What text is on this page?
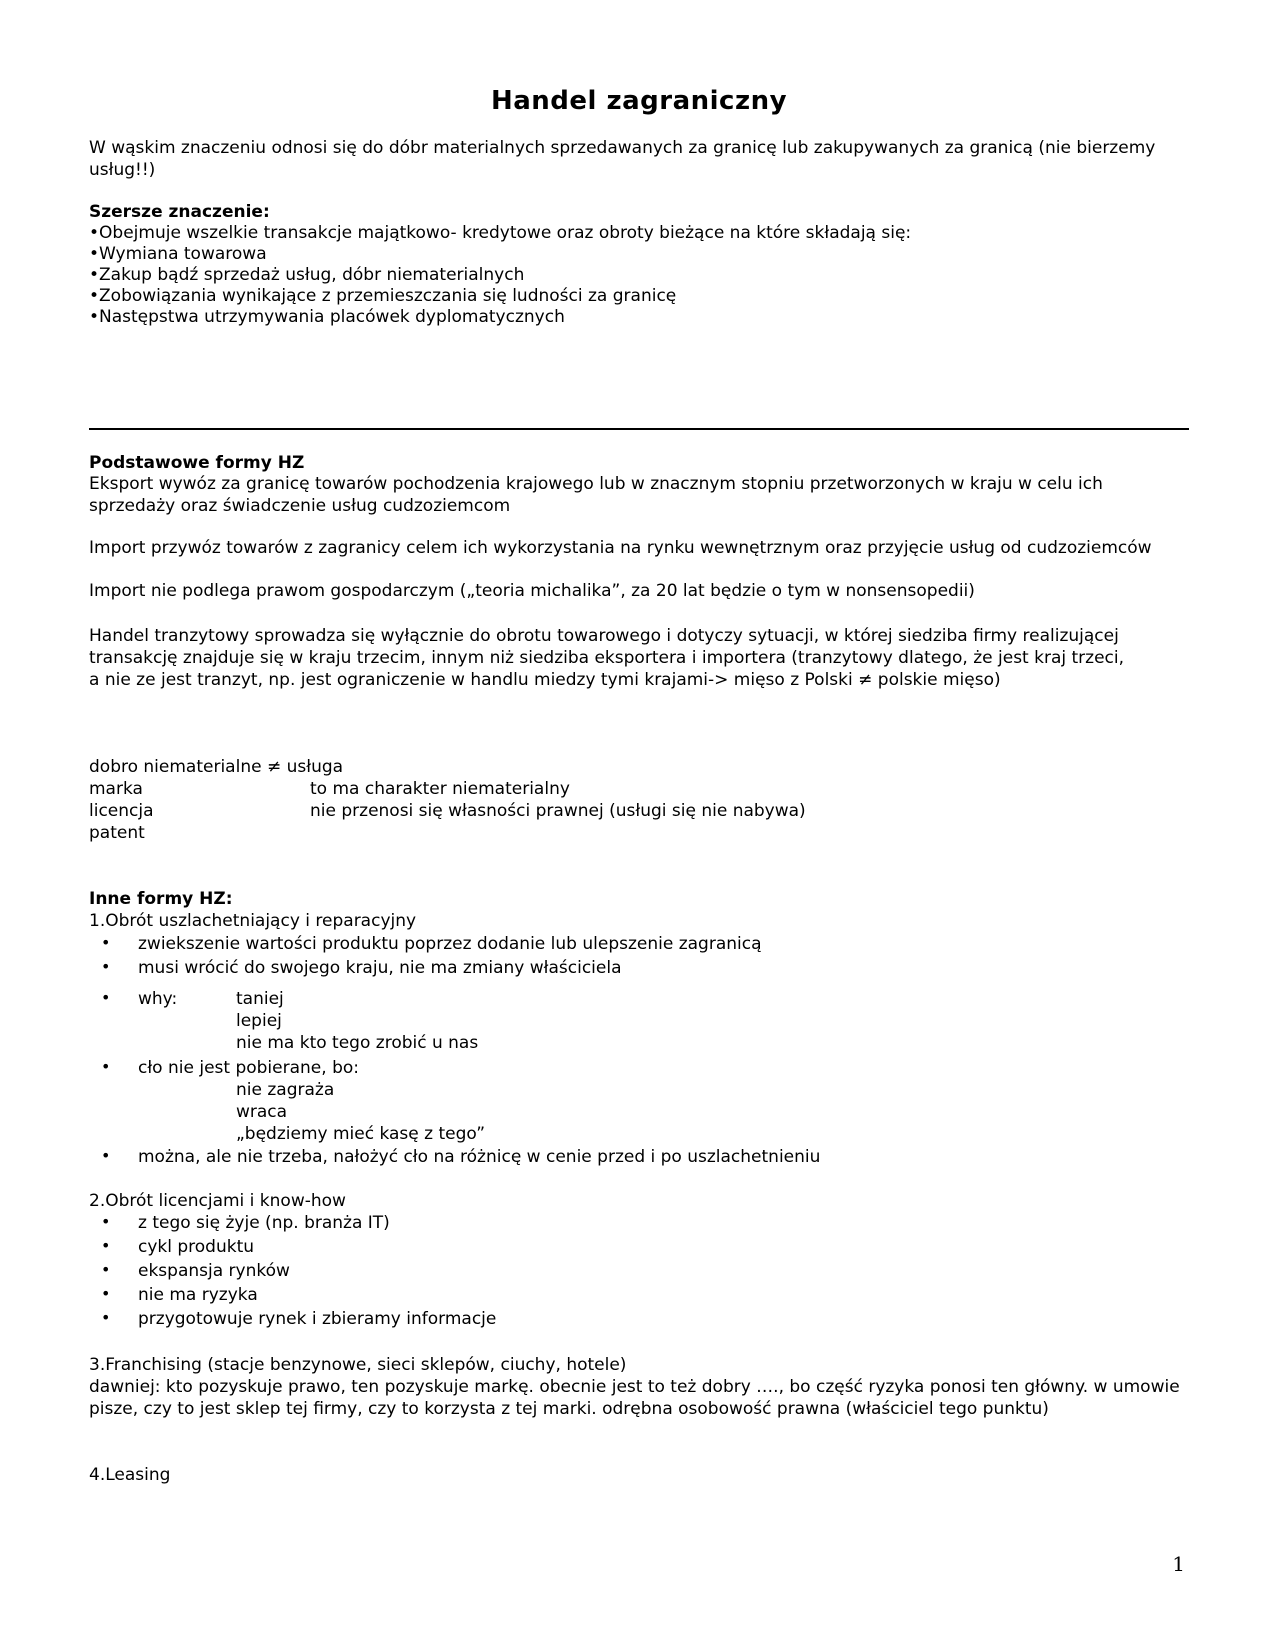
Handel zagraniczny

W wąskim znaczeniu odnosi się do dóbr materialnych sprzedawanych za granicę lub zakupywanych za granicą (nie bierzemy usług!!)

Szersze znaczenie:

•Obejmuje wszelkie transakcje majątkowo- kredytowe oraz obroty bieżące na które składają się:

•Wymiana towarowa

•Zakup bądź sprzedaż usług, dóbr niematerialnych

•Zobowiązania wynikające z przemieszczania się ludności za granicę

•Następstwa utrzymywania placówek dyplomatycznych

Podstawowe formy HZ

Eksport wywóz za granicę towarów pochodzenia krajowego lub w znacznym stopniu przetworzonych w kraju w celu ich sprzedaży oraz świadczenie usług cudzoziemcom

Import przywóz towarów z zagranicy celem ich wykorzystania na rynku wewnętrznym oraz przyjęcie usług od cudzoziemców

Import nie podlega prawom gospodarczym („teoria michalika”, za 20 lat będzie o tym w nonsensopedii)

Handel tranzytowy sprowadza się wyłącznie do obrotu towarowego i dotyczy sytuacji, w której siedziba firmy realizującej transakcję znajduje się w kraju trzecim, innym niż siedziba eksportera i importera (tranzytowy dlatego, że jest kraj trzeci, a nie ze jest tranzyt, np. jest ograniczenie w handlu miedzy tymi krajami-> mięso z Polski ≠ polskie mięso)

dobro niematerialne ≠ usługa

marka	to ma charakter niematerialny
licencja	nie przenosi się własności prawnej (usługi się nie nabywa)
patent

Inne formy HZ:

1.Obrót uszlachetniający i reparacyjny

• zwiekszenie wartości produktu poprzez dodanie lub ulepszenie zagranicą
• musi wrócić do swojego kraju, nie ma zmiany właściciela
• why:	taniej
lepiej
nie ma kto tego zrobić u nas
• cło nie jest pobierane, bo:
nie zagraża
wraca
„będziemy mieć kasę z tego”
• można, ale nie trzeba, nałożyć cło na różnicę w cenie przed i po uszlachetnieniu

2.Obrót licencjami i know-how

• z tego się żyje (np. branża IT)
• cykl produktu
• ekspansja rynków
• nie ma ryzyka
• przygotowuje rynek i zbieramy informacje

3.Franchising (stacje benzynowe, sieci sklepów, ciuchy, hotele)

dawniej: kto pozyskuje prawo, ten pozyskuje markę. obecnie jest to też dobry …., bo część ryzyka ponosi ten główny. w umowie pisze, czy to jest sklep tej firmy, czy to korzysta z tej marki. odrębna osobowość prawna (właściciel tego punktu)

4.Leasing

1
